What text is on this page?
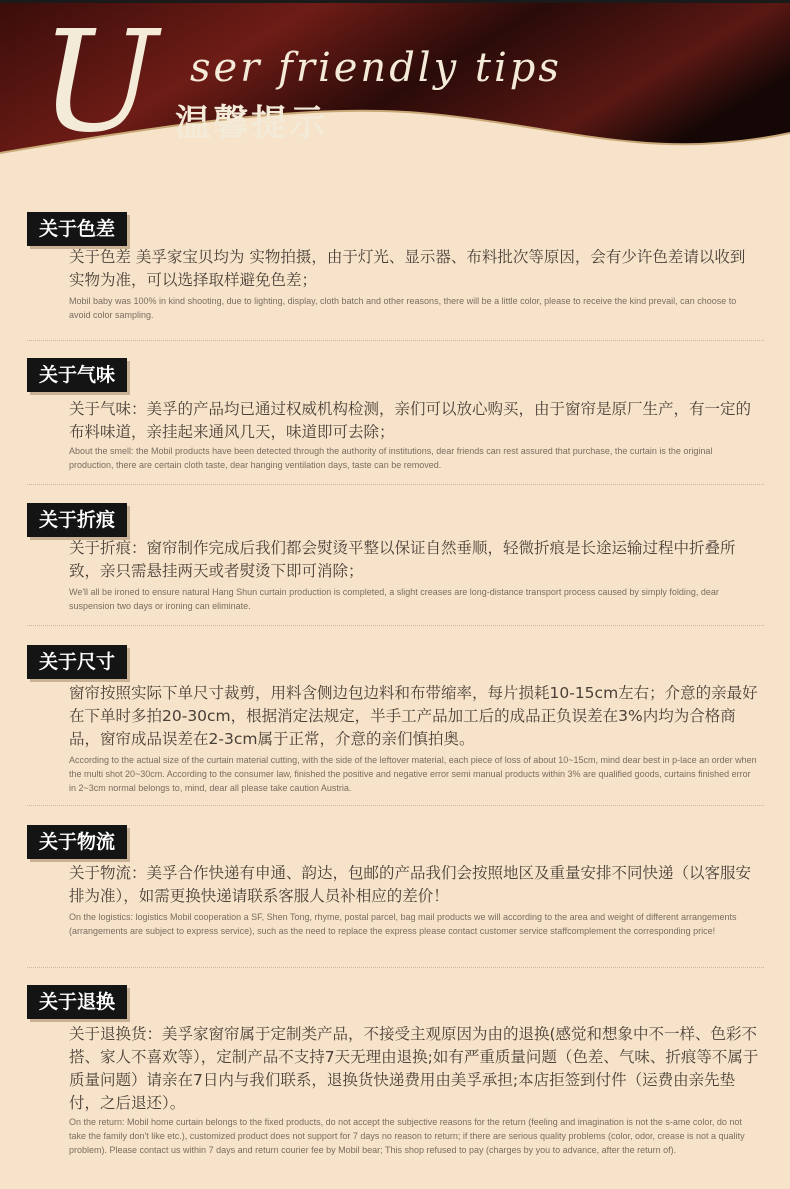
U ser friendly tips
温馨提示
关于色差

关于色差 美孚家宝贝均为 实物拍摄，由于灯光、显示器、布料批次等原因，会有少许色差请以收到实物为准，可以选择取样避免色差；

Mobil baby was 100% in kind shooting, due to lighting, display, cloth batch and other reasons, there will be a little color, please to receive the kind prevail, can choose to avoid color sampling.

关于气味

关于气味：美孚的产品均已通过权威机构检测，亲们可以放心购买，由于窗帘是原厂生产，有一定的布料味道，亲挂起来通风几天，味道即可去除；

About the smell: the Mobil products have been detected through the authority of institutions, dear friends can rest assured that purchase, the curtain is the original production, there are certain cloth taste, dear hanging ventilation days, taste can be removed.

关于折痕

关于折痕：窗帘制作完成后我们都会熨烫平整以保证自然垂顺，轻微折痕是长途运输过程中折叠所致，亲只需悬挂两天或者熨烫下即可消除；

We'll all be ironed to ensure natural Hang Shun curtain production is completed, a slight creases are long-distance transport process caused by simply folding, dear suspension two days or ironing can eliminate.

关于尺寸

窗帘按照实际下单尺寸裁剪，用料含侧边包边料和布带缩率，每片损耗10-15cm左右；介意的亲最好在下单时多拍20-30cm，根据消定法规定，半手工产品加工后的成品正负误差在3%内均为合格商品，窗帘成品误差在2-3cm属于正常，介意的亲们慎拍奥。

According to the actual size of the curtain material cutting, with the side of the leftover material, each piece of loss of about 10~15cm, mind dear best in p-lace an order when the multi shot 20~30cm. According to the consumer law, finished the positive and negative error semi manual products within 3% are qualified goods, curtains finished error in 2~3cm normal belongs to, mind, dear all please take caution Austria.

关于物流

关于物流：美孚合作快递有申通、韵达，包邮的产品我们会按照地区及重量安排不同快递（以客服安排为准），如需更换快递请联系客服人员补相应的差价！

On the logistics: logistics Mobil cooperation a SF, Shen Tong, rhyme, postal parcel, bag mail products we will according to the area and weight of different arrangements (arrangements are subject to express service), such as the need to replace the express please contact customer service staffcomplement the corresponding price!

关于退换

关于退换货：美孚家窗帘属于定制类产品，不接受主观原因为由的退换(感觉和想象中不一样、色彩不搭、家人不喜欢等），定制产品不支持7天无理由退换;如有严重质量问题（色差、气味、折痕等不属于质量问题）请亲在7日内与我们联系，退换货快递费用由美孚承担;本店拒签到付件（运费由亲先垫付，之后退还）。

On the return: Mobil home curtain belongs to the fixed products, do not accept the subjective reasons for the return (feeling and imagination is not the s-ame color, do not take the family don't like etc.), customized product does not support for 7 days no reason to return; if there are serious quality problems (color, odor, crease is not a quality problem). Please contact us within 7 days and return courier fee by Mobil bear; This shop refused to pay (charges by you to advance, after the return of).
